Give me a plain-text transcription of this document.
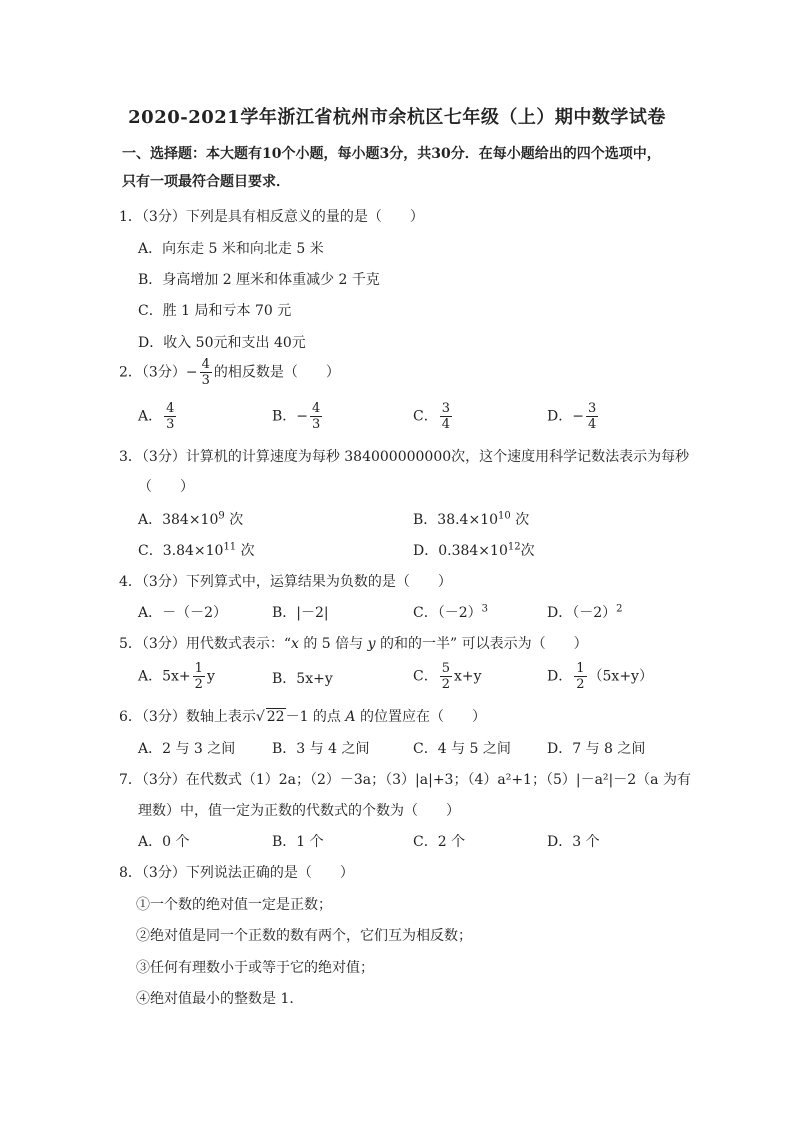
2020-2021学年浙江省杭州市余杭区七年级（上）期中数学试卷
一、选择题：本大题有10个小题，每小题3分，共30分．在每小题给出的四个选项中，
只有一项最符合题目要求．
1．（3分）下列是具有相反意义的量的是（　　）
A．向东走 5 米和向北走 5 米
B．身高增加 2 厘米和体重减少 2 千克
C．胜 1 局和亏本 70 元
D．收入 50元和支出 40元
2．（3分）− $\frac{4}{3}$ 的相反数是（　　）
A． $\frac{4}{3}$	B．− $\frac{4}{3}$	C． $\frac{3}{4}$	D．− $\frac{3}{4}$
3．（3分）计算机的计算速度为每秒 384000000000次，这个速度用科学记数法表示为每秒
（　　）
A．$384\times 10^9$ 次	B．$38.4\times 10^{10}$ 次
C．$3.84\times 10^{11}$ 次	D．$0.384\times 10^{12}$次
4．（3分）下列算式中，运算结果为负数的是（　　）
A．－（－2）	B．|－2|	C．$(-2)^3$	D．$(-2)^2$
5．（3分）用代数式表示：“x 的 5 倍与 y 的和的一半” 可以表示为（　　）
A．$5x+ \frac{1}{2}$ y	B．5x+y	C． $\frac{5}{2} x+y$	D． $\frac{1}{2} (5x+y)$
6．（3分）数轴上表示√ 22－1 的点 A 的位置应在（　　）
A．2 与 3 之间	B．3 与 4 之间	C．4 与 5 之间	D．7 与 8 之间
7．（3分）在代数式（1）2a；（2）－3a；（3）|a|+3；（4）a²+1；（5）|－a²|－2（a 为有
理数）中，值一定为正数的代数式的个数为（　　）
A．0 个	B．1 个	C．2 个	D．3 个
8．（3分）下列说法正确的是（　　）
①一个数的绝对值一定是正数；
②绝对值是同一个正数的数有两个，它们互为相反数；
③任何有理数小于或等于它的绝对值；
④绝对值最小的整数是 1．
